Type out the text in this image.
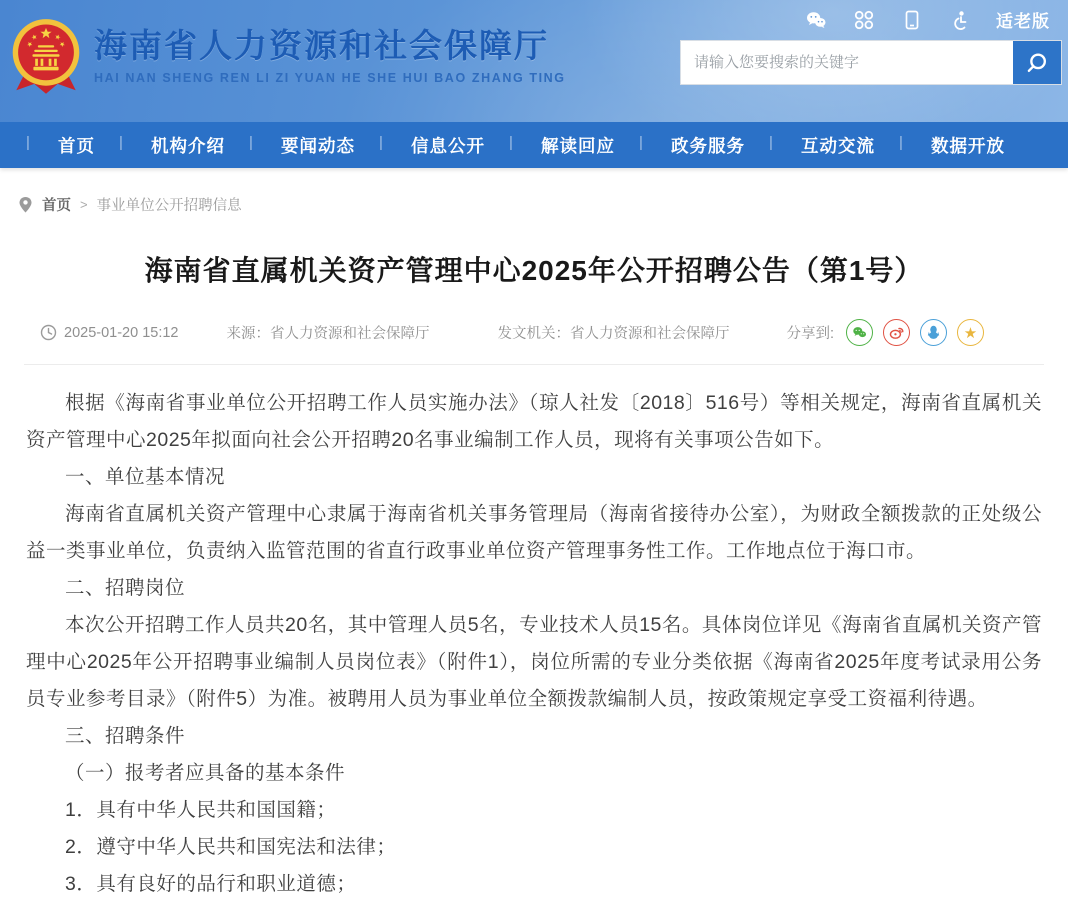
海南省人力资源和社会保障厅
HAI NAN SHENG REN LI ZI YUAN HE SHE HUI BAO ZHANG TING
适老版
请输入您要搜索的关键字
| 首页	| 机构介绍	| 要闻动态	| 信息公开	| 解读回应	| 政务服务	| 互动交流	| 数据开放
首页 > 事业单位公开招聘信息
海南省直属机关资产管理中心2025年公开招聘公告（第1号）
2025-01-20 15:12	来源：省人力资源和社会保障厅	发文机关：省人力资源和社会保障厅	分享到:	★

根据《海南省事业单位公开招聘工作人员实施办法》（琼人社发〔2018〕516号）等相关规定，海南省直属机关资产管理中心2025年拟面向社会公开招聘20名事业编制工作人员，现将有关事项公告如下。

一、单位基本情况

海南省直属机关资产管理中心隶属于海南省机关事务管理局（海南省接待办公室），为财政全额拨款的正处级公益一类事业单位，负责纳入监管范围的省直行政事业单位资产管理事务性工作。工作地点位于海口市。

二、招聘岗位

本次公开招聘工作人员共20名，其中管理人员5名，专业技术人员15名。具体岗位详见《海南省直属机关资产管理中心2025年公开招聘事业编制人员岗位表》（附件1），岗位所需的专业分类依据《海南省2025年度考试录用公务员专业参考目录》（附件5）为准。被聘用人员为事业单位全额拨款编制人员，按政策规定享受工资福利待遇。

三、招聘条件

（一）报考者应具备的基本条件

1．具有中华人民共和国国籍；

2．遵守中华人民共和国宪法和法律；

3．具有良好的品行和职业道德；
